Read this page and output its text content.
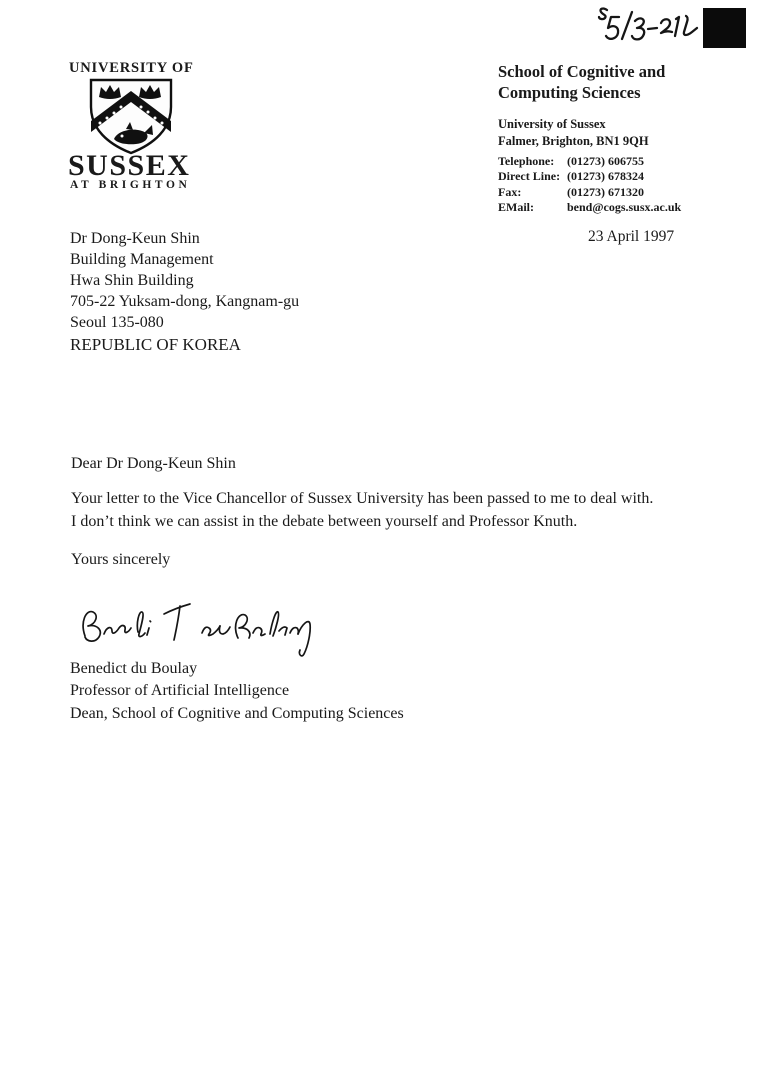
UNIVERSITY OF
SUSSEX
AT BRIGHTON
School of Cognitive and
Computing Sciences
University of Sussex
Falmer, Brighton, BN1 9QH
Telephone:	(01273) 606755
Direct Line: (01273) 678324
Fax:	(01273) 671320
EMail:	bend@cogs.susx.ac.uk
23 April 1997
Dr Dong-Keun Shin
Building Management
Hwa Shin Building
705-22 Yuksam-dong, Kangnam-gu
Seoul 135-080
REPUBLIC OF KOREA
Dear Dr Dong-Keun Shin
Your letter to the Vice Chancellor of Sussex University has been passed to me to deal with.
I don’t think we can assist in the debate between yourself and Professor Knuth.
Yours sincerely
Benedict du Boulay
Professor of Artificial Intelligence
Dean, School of Cognitive and Computing Sciences
